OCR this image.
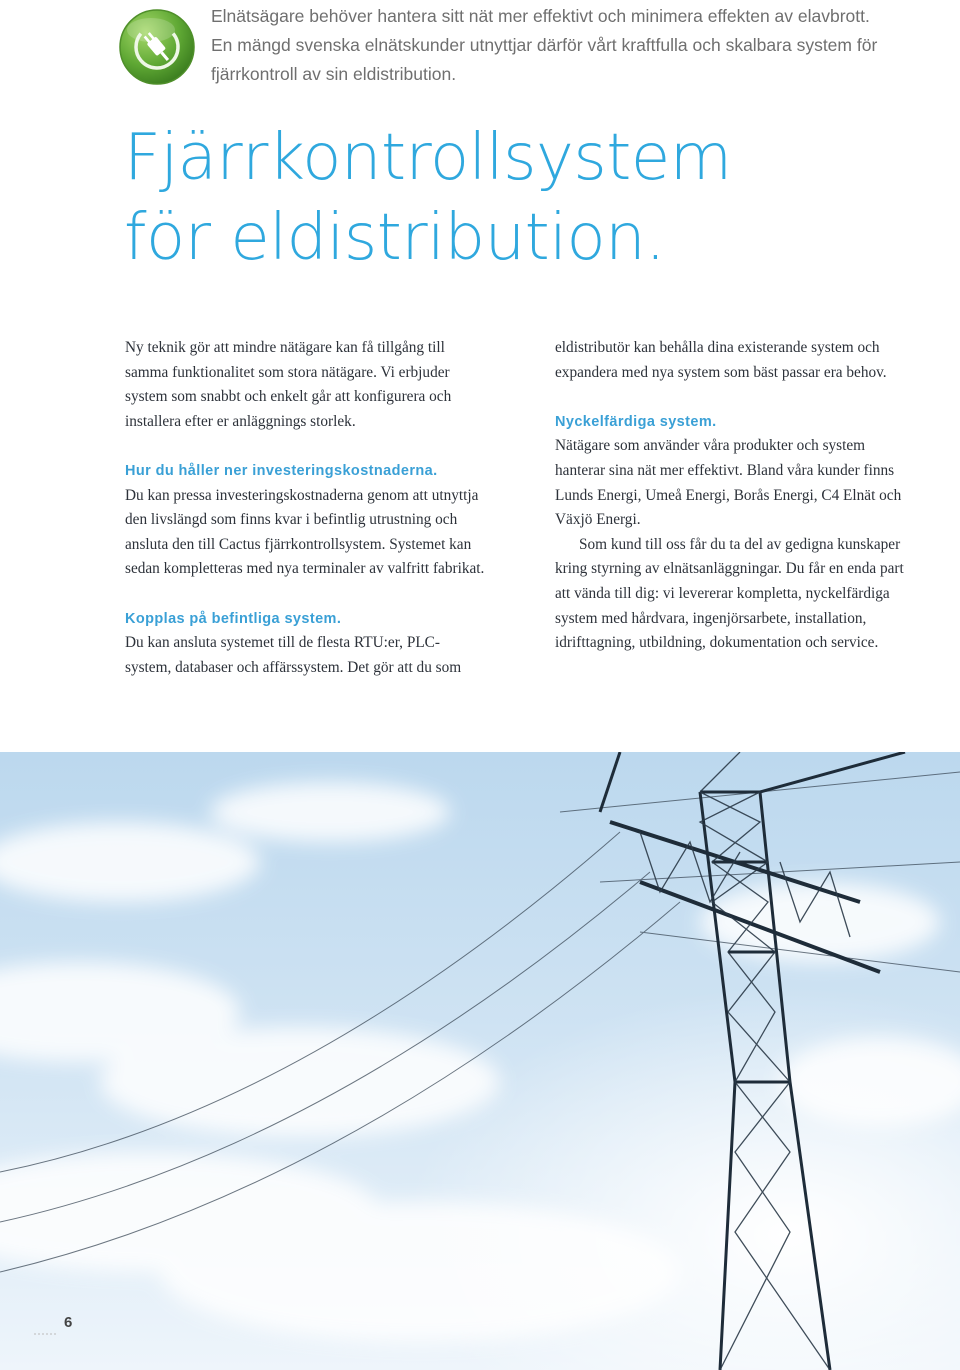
Elnätsägare behöver hantera sitt nät mer effektivt och minimera effekten av elavbrott.
En mängd svenska elnätskunder utnyttjar därför vårt kraftfulla och skalbara system för
fjärrkontroll av sin eldistribution.
Fjärrkontrollsystem
för eldistribution.

Ny teknik gör att mindre nätägare kan få tillgång till
samma funktionalitet som stora nätägare. Vi erbjuder
system som snabbt och enkelt går att konfigurera och
installera efter er anläggnings storlek.

Hur du håller ner investeringskostnaderna.

Du kan pressa investeringskostnaderna genom att utnyttja
den livslängd som finns kvar i befintlig utrustning och
ansluta den till Cactus fjärrkontrollsystem. Systemet kan
sedan kompletteras med nya terminaler av valfritt fabrikat.

Kopplas på befintliga system.

Du kan ansluta systemet till de flesta RTU:er, PLC-
system, databaser och affärssystem. Det gör att du som

eldistributör kan behålla dina existerande system och
expandera med nya system som bäst passar era behov.

Nyckelfärdiga system.

Nätägare som använder våra produkter och system
hanterar sina nät mer effektivt. Bland våra kunder finns
Lunds Energi, Umeå Energi, Borås Energi, C4 Elnät och
Växjö Energi.

Som kund till oss får du ta del av gedigna kunskaper
kring styrning av elnätsanläggningar. Du får en enda part
att vända till dig: vi levererar kompletta, nyckelfärdiga
system med hårdvara, ingenjörsarbete, installation,
idrifttagning, utbildning, dokumentation och service.

6
